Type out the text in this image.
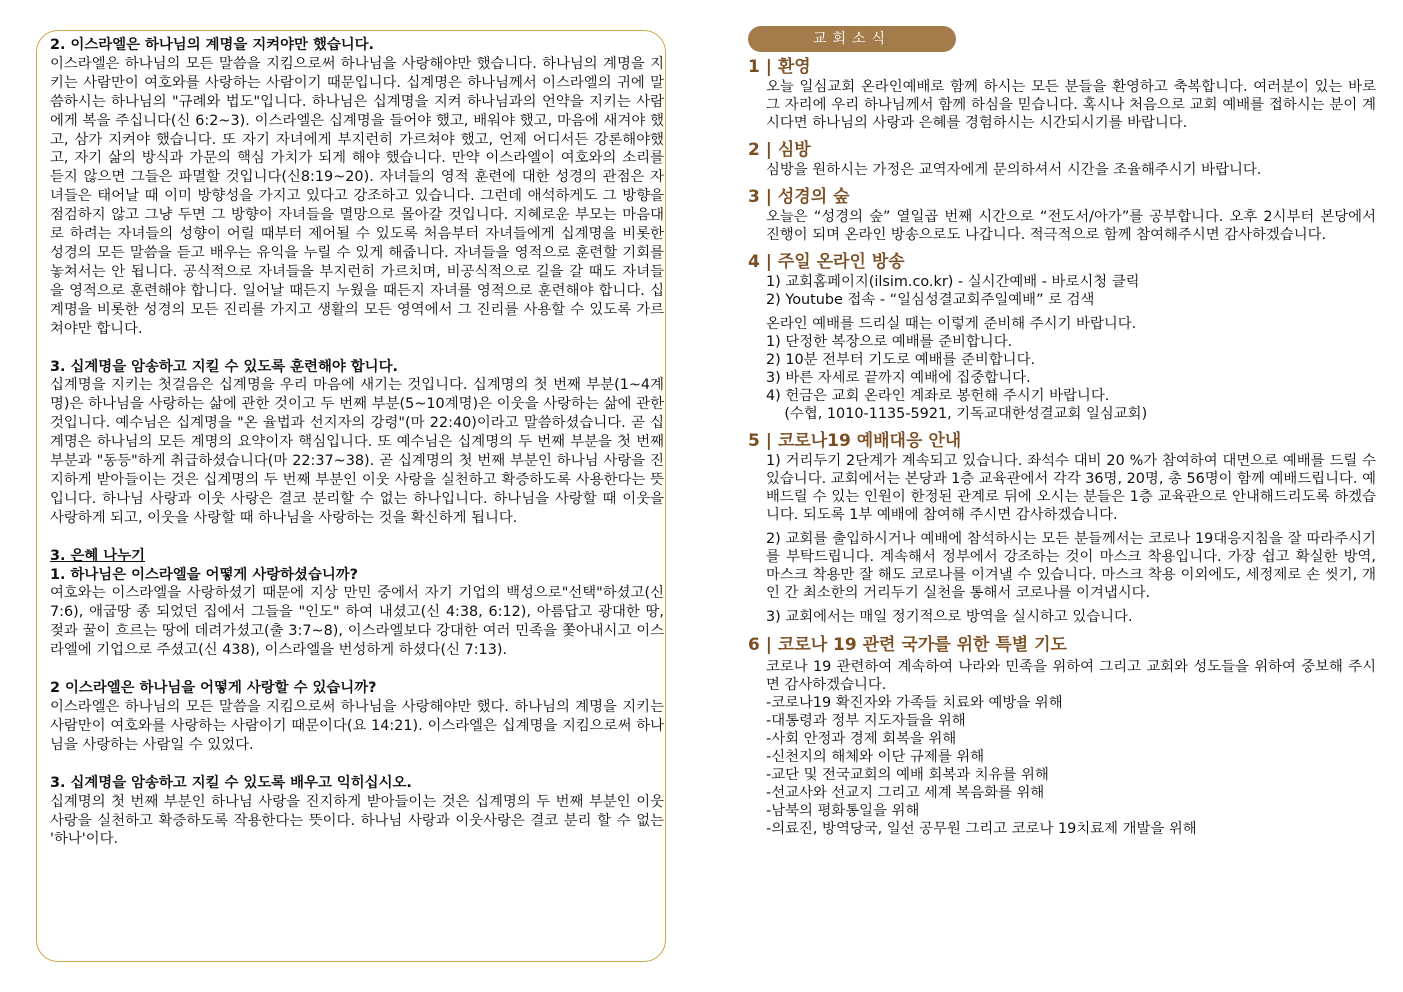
2. 이스라엘은 하나님의 계명을 지켜야만 했습니다.

이스라엘은 하나님의 모든 말씀을 지킴으로써 하나님을 사랑해야만 했습니다. 하나님의 계명을 지키는 사람만이 여호와를 사랑하는 사람이기 때문입니다. 십계명은 하나님께서 이스라엘의 귀에 말씀하시는 하나님의 "규례와 법도"입니다. 하나님은 십계명을 지켜 하나님과의 언약을 지키는 사람에게 복을 주십니다(신 6:2~3). 이스라엘은 십계명을 들어야 했고, 배워야 했고, 마음에 새겨야 했고, 삼가 지켜야 했습니다. 또 자기 자녀에게 부지런히 가르쳐야 했고, 언제 어디서든 강론해야했고, 자기 삶의 방식과 가문의 핵심 가치가 되게 해야 했습니다. 만약 이스라엘이 여호와의 소리를 듣지 않으면 그들은 파멸할 것입니다(신8:19~20). 자녀들의 영적 훈련에 대한 성경의 관점은 자녀들은 태어날 때 이미 방향성을 가지고 있다고 강조하고 있습니다. 그런데 애석하게도 그 방향을 점검하지 않고 그냥 두면 그 방향이 자녀들을 멸망으로 몰아갈 것입니다. 지혜로운 부모는 마음대로 하려는 자녀들의 성향이 어릴 때부터 제어될 수 있도록 처음부터 자녀들에게 십계명을 비롯한 성경의 모든 말씀을 듣고 배우는 유익을 누릴 수 있게 해줍니다. 자녀들을 영적으로 훈련할 기회를 놓쳐서는 안 됩니다. 공식적으로 자녀들을 부지런히 가르치며, 비공식적으로 길을 갈 때도 자녀들을 영적으로 훈련해야 합니다. 일어날 때든지 누웠을 때든지 자녀를 영적으로 훈련해야 합니다. 십계명을 비롯한 성경의 모든 진리를 가지고 생활의 모든 영역에서 그 진리를 사용할 수 있도록 가르쳐야만 합니다.

3. 십계명을 암송하고 지킬 수 있도록 훈련해야 합니다.

십계명을 지키는 첫걸음은 십계명을 우리 마음에 새기는 것입니다. 십계명의 첫 번째 부분(1~4계명)은 하나님을 사랑하는 삶에 관한 것이고 두 번째 부분(5~10계명)은 이웃을 사랑하는 삶에 관한 것입니다. 예수님은 십계명을 "온 율법과 선지자의 강령"(마 22:40)이라고 말씀하셨습니다. 곧 십계명은 하나님의 모든 계명의 요약이자 핵심입니다. 또 예수님은 십계명의 두 번째 부분을 첫 번째 부분과 "동등"하게 취급하셨습니다(마 22:37~38). 곧 십계명의 첫 번째 부분인 하나님 사랑을 진지하게 받아들이는 것은 십계명의 두 번째 부분인 이웃 사랑을 실천하고 확증하도록 사용한다는 뜻입니다. 하나님 사랑과 이웃 사랑은 결코 분리할 수 없는 하나입니다. 하나님을 사랑할 때 이웃을 사랑하게 되고, 이웃을 사랑할 때 하나님을 사랑하는 것을 확신하게 됩니다.

3. 은혜 나누기

1. 하나님은 이스라엘을 어떻게 사랑하셨습니까?

여호와는 이스라엘을 사랑하셨기 때문에 지상 만민 중에서 자기 기업의 백성으로"선택"하셨고(신7:6), 애굽땅 종 되었던 집에서 그들을 "인도" 하여 내셨고(신 4:38, 6:12), 아름답고 광대한 땅, 젖과 꿀이 흐르는 땅에 데려가셨고(출 3:7~8), 이스라엘보다 강대한 여러 민족을 쫓아내시고 이스라엘에 기업으로 주셨고(신 438), 이스라엘을 번성하게 하셨다(신 7:13).

2 이스라엘은 하나님을 어떻게 사랑할 수 있습니까?

이스라엘은 하나님의 모든 말씀을 지킴으로써 하나님을 사랑해야만 했다. 하나님의 계명을 지키는 사람만이 여호와를 사랑하는 사람이기 때문이다(요 14:21). 이스라엘은 십계명을 지킴으로써 하나님을 사랑하는 사람일 수 있었다.

3. 십계명을 암송하고 지킬 수 있도록 배우고 익히십시오.

십계명의 첫 번째 부분인 하나님 사랑을 진지하게 받아들이는 것은 십계명의 두 번째 부분인 이웃 사랑을 실천하고 확증하도록 작용한다는 뜻이다. 하나님 사랑과 이웃사랑은 결코 분리 할 수 없는 '하나'이다.

교회소식

1 | 환영

오늘 일심교회 온라인예배로 함께 하시는 모든 분들을 환영하고 축복합니다. 여러분이 있는 바로 그 자리에 우리 하나님께서 함께 하심을 믿습니다. 혹시나 처음으로 교회 예배를 접하시는 분이 계시다면 하나님의 사랑과 은혜를 경험하시는 시간되시기를 바랍니다.

2 | 심방

심방을 원하시는 가정은 교역자에게 문의하셔서 시간을 조율해주시기 바랍니다.

3 | 성경의 숲

오늘은 “성경의 숲” 열일곱 번째 시간으로 “전도서/아가”를 공부합니다. 오후 2시부터 본당에서 진행이 되며 온라인 방송으로도 나갑니다. 적극적으로 함께 참여해주시면 감사하겠습니다.

4 | 주일 온라인 방송

1) 교회홈페이지(ilsim.co.kr) - 실시간예배 - 바로시청 클릭

2) Youtube 접속 - “일심성결교회주일예배” 로 검색

온라인 예배를 드리실 때는 이렇게 준비해 주시기 바랍니다.

1) 단정한 복장으로 예배를 준비합니다.

2) 10분 전부터 기도로 예배를 준비합니다.

3) 바른 자세로 끝까지 예배에 집중합니다.

4) 헌금은 교회 온라인 계좌로 봉헌해 주시기 바랍니다.

(수협, 1010-1135-5921, 기독교대한성결교회 일심교회)

5 | 코로나19 예배대응 안내

1) 거리두기 2단계가 계속되고 있습니다. 좌석수 대비 20 %가 참여하여 대면으로 예배를 드릴 수 있습니다. 교회에서는 본당과 1층 교육관에서 각각 36명, 20명, 총 56명이 함께 예배드립니다. 예배드릴 수 있는 인원이 한정된 관계로 뒤에 오시는 분들은 1층 교육관으로 안내해드리도록 하겠습니다. 되도록 1부 예배에 참여해 주시면 감사하겠습니다.

2) 교회를 출입하시거나 예배에 참석하시는 모든 분들께서는 코로나 19대응지침을 잘 따라주시기를 부탁드립니다. 계속해서 정부에서 강조하는 것이 마스크 착용입니다. 가장 쉽고 확실한 방역, 마스크 착용만 잘 해도 코로나를 이겨낼 수 있습니다. 마스크 착용 이외에도, 세정제로 손 씻기, 개인 간 최소한의 거리두기 실천을 통해서 코로나를 이겨냅시다.

3) 교회에서는 매일 정기적으로 방역을 실시하고 있습니다.

6 | 코로나 19 관련 국가를 위한 특별 기도

코로나 19 관련하여 계속하여 나라와 민족을 위하여 그리고 교회와 성도들을 위하여 중보해 주시면 감사하겠습니다.

-코로나19 확진자와 가족들 치료와 예방을 위해

-대통령과 정부 지도자들을 위해

-사회 안정과 경제 회복을 위해

-신천지의 해체와 이단 규제를 위해

-교단 및 전국교회의 예배 회복과 치유를 위해

-선교사와 선교지 그리고 세계 복음화를 위해

-남북의 평화통일을 위해

-의료진, 방역당국, 일선 공무원 그리고 코로나 19치료제 개발을 위해
